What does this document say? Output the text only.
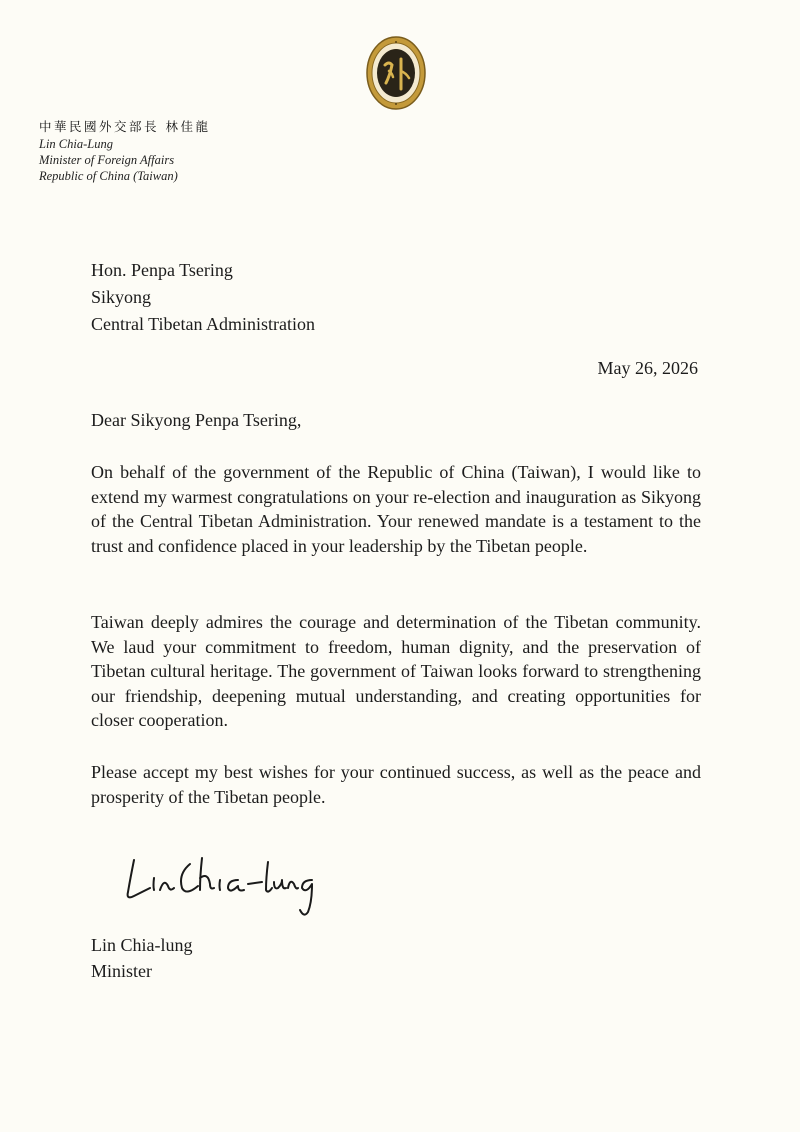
中華民國外交部長 林佳龍
Lin Chia-Lung
Minister of Foreign Affairs
Republic of China (Taiwan)
Hon. Penpa Tsering
Sikyong
Central Tibetan Administration
May 26, 2026
Dear Sikyong Penpa Tsering,

On behalf of the government of the Republic of China (Taiwan), I would like to extend my warmest congratulations on your re-election and inauguration as Sikyong of the Central Tibetan Administration. Your renewed mandate is a testament to the trust and confidence placed in your leadership by the Tibetan people.

Taiwan deeply admires the courage and determination of the Tibetan community. We laud your commitment to freedom, human dignity, and the preservation of Tibetan cultural heritage. The government of Taiwan looks forward to strengthening our friendship, deepening mutual understanding, and creating opportunities for closer cooperation.

Please accept my best wishes for your continued success, as well as the peace and prosperity of the Tibetan people.

Lin Chia-lung
Minister
